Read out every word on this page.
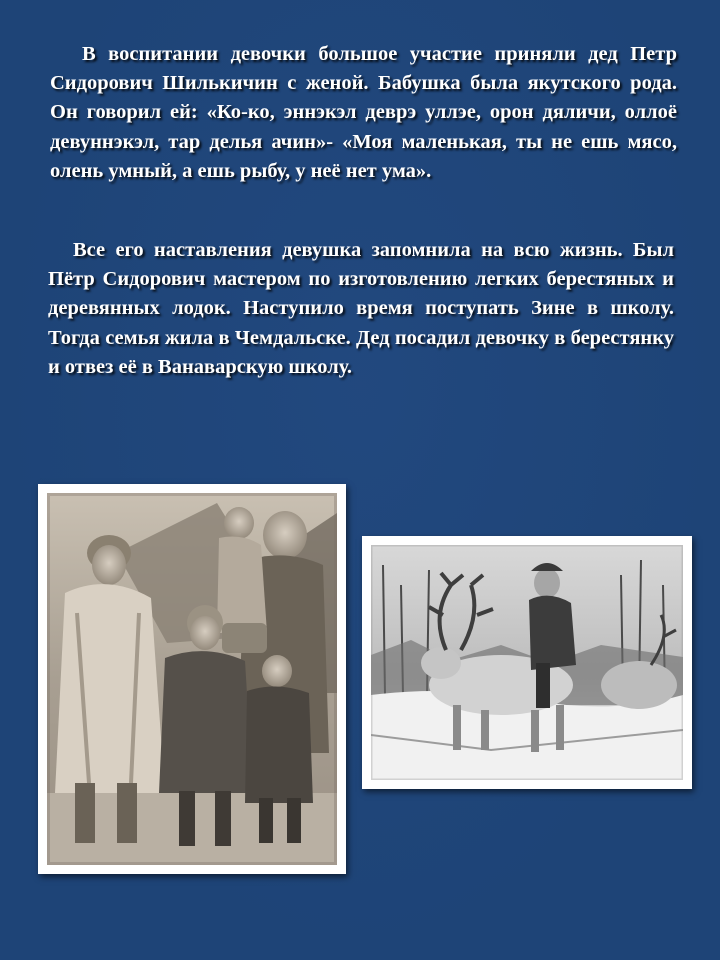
В воспитании девочки большое участие приняли дед Петр Сидорович Шилькичин с женой. Бабушка была якутского рода. Он говорил ей: «Ко-ко, эннэкэл деврэ уллэе, орон дяличи, оллоё девуннэкэл, тар делья ачин»- «Моя маленькая, ты не ешь мясо, олень умный, а ешь рыбу, у неё нет ума».

Все его наставления девушка запомнила на всю жизнь. Был Пётр Сидорович мастером по изготовлению легких берестяных и деревянных лодок. Наступило время поступать Зине в школу. Тогда семья жила в Чемдальске. Дед посадил девочку в берестянку и отвез её в Ванаварскую школу.
